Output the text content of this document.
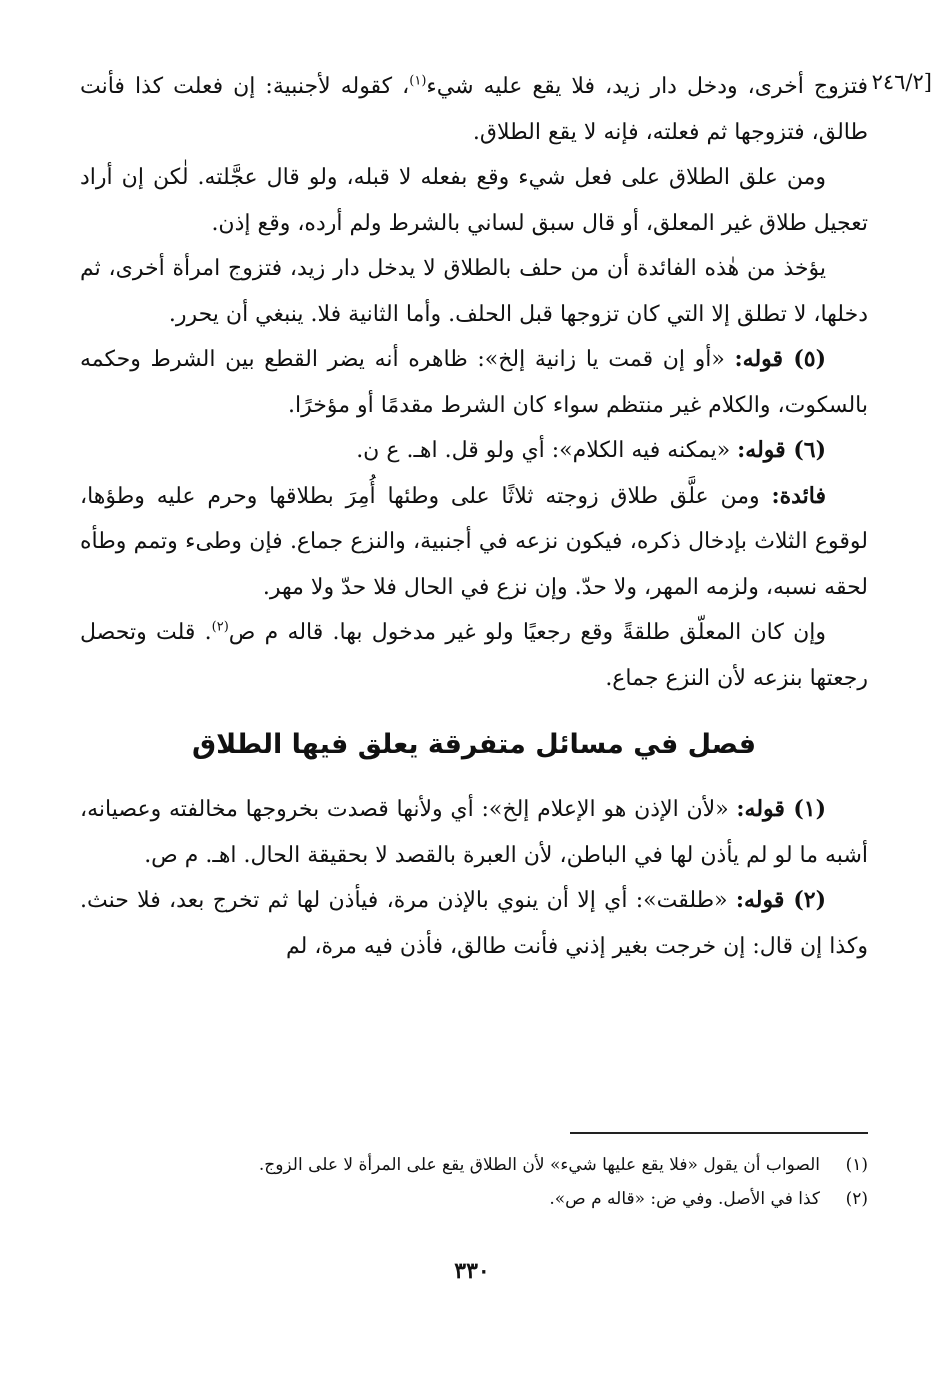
[٢٤٦/٢

فتزوج أخرى، ودخل دار زيد، فلا يقع عليه شيء$^{(١)}$، كقوله لأجنبية: إن فعلت كذا فأنت طالق، فتزوجها ثم فعلته، فإنه لا يقع الطلاق.

ومن علق الطلاق على فعل شيء وقع بفعله لا قبله، ولو قال عجَّلته. لٰكن إن أراد تعجيل طلاق غير المعلق، أو قال سبق لساني بالشرط ولم أرده، وقع إذن.

يؤخذ من هٰذه الفائدة أن من حلف بالطلاق لا يدخل دار زيد، فتزوج امرأة أخرى، ثم دخلها، لا تطلق إلا التي كان تزوجها قبل الحلف. وأما الثانية فلا. ينبغي أن يحرر.

(٥) قوله: «أو إن قمت يا زانية إلخ»: ظاهره أنه يضر القطع بين الشرط وحكمه بالسكوت، والكلام غير منتظم سواء كان الشرط مقدمًا أو مؤخرًا.

(٦) قوله: «يمكنه فيه الكلام»: أي ولو قل. اهـ. ع ن.

فائدة: ومن علَّق طلاق زوجته ثلاثًا على وطئها أُمِرَ بطلاقها وحرم عليه وطؤها، لوقوع الثلاث بإدخال ذكره، فيكون نزعه في أجنبية، والنزع جماع. فإن وطىء وتمم وطأه لحقه نسبه، ولزمه المهر، ولا حدّ. وإن نزع في الحال فلا حدّ ولا مهر.

وإن كان المعلّق طلقةً وقع رجعيًا ولو غير مدخول بها. قاله م ص$^{(٢)}$. قلت وتحصل رجعتها بنزعه لأن النزع جماع.

فصل في مسائل متفرقة يعلق فيها الطلاق

(١) قوله: «لأن الإذن هو الإعلام إلخ»: أي ولأنها قصدت بخروجها مخالفته وعصيانه، أشبه ما لو لم يأذن لها في الباطن، لأن العبرة بالقصد لا بحقيقة الحال. اهـ. م ص.

(٢) قوله: «طلقت»: أي إلا أن ينوي بالإذن مرة، فيأذن لها ثم تخرج بعد، فلا حنث. وكذا إن قال: إن خرجت بغير إذني فأنت طالق، فأذن فيه مرة، لم

(١)الصواب أن يقول «فلا يقع عليها شيء» لأن الطلاق يقع على المرأة لا على الزوج.
(٢)كذا في الأصل. وفي ض: «قاله م ص».
٣٣٠
